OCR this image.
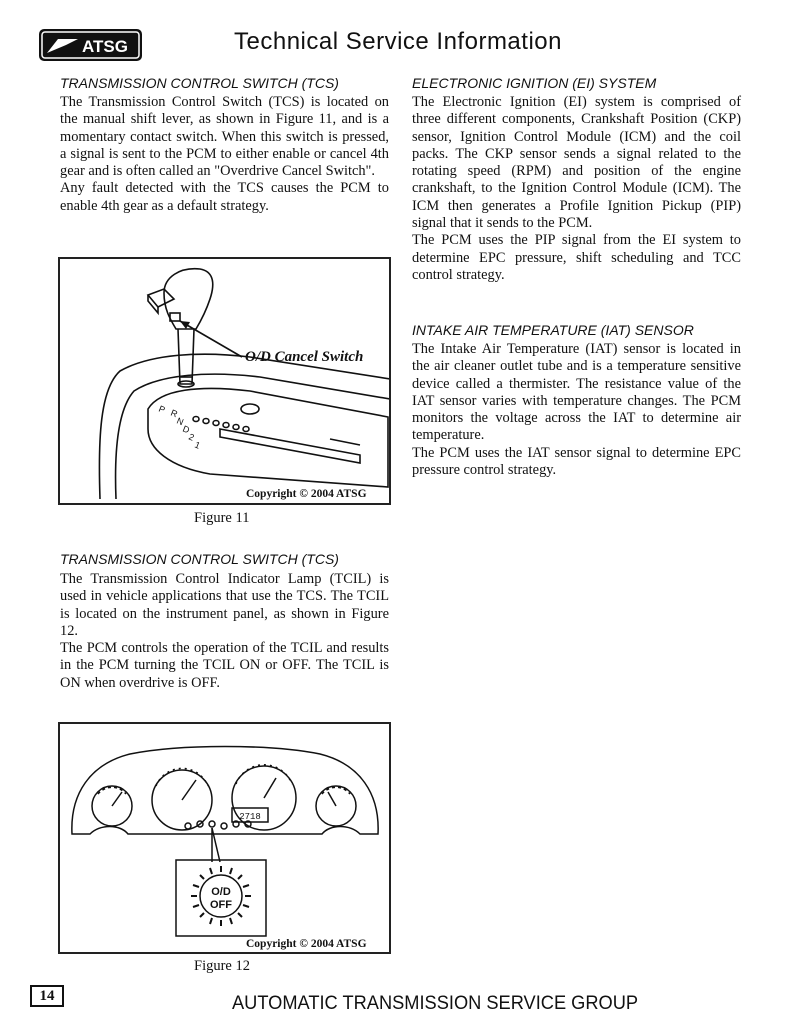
ATSG	Technical Service Information
TRANSMISSION CONTROL SWITCH (TCS)

The Transmission Control Switch (TCS) is located on the manual shift lever, as shown in Figure 11, and is a momentary contact switch. When this switch is pressed, a signal is sent to the PCM to either enable or cancel 4th gear and is often called an "Overdrive Cancel Switch".

Any fault detected with the TCS causes the PCM to enable 4th gear as a default strategy.

P R
N
D
2
1
O/D Cancel Switch
Copyright © 2004 ATSG
Figure 11
TRANSMISSION CONTROL SWITCH (TCS)

The Transmission Control Indicator Lamp (TCIL) is used in vehicle applications that use the TCS. The TCIL is located on the instrument panel, as shown in Figure 12.

The PCM controls the operation of the TCIL and results in the PCM turning the TCIL ON or OFF. The TCIL is ON when overdrive is OFF.

2718
O/D
OFF
Copyright © 2004 ATSG
Figure 12
ELECTRONIC IGNITION (EI) SYSTEM

The Electronic Ignition (EI) system is comprised of three different components, Crankshaft Position (CKP) sensor, Ignition Control Module (ICM) and the coil packs. The CKP sensor sends a signal related to the rotating speed (RPM) and position of the engine crankshaft, to the Ignition Control Module (ICM). The ICM then generates a Profile Ignition Pickup (PIP) signal that it sends to the PCM.

The PCM uses the PIP signal from the EI system to determine EPC pressure, shift scheduling and TCC control strategy.

INTAKE AIR TEMPERATURE (IAT) SENSOR

The Intake Air Temperature (IAT) sensor is located in the air cleaner outlet tube and is a temperature sensitive device called a thermister. The resistance value of the IAT sensor varies with temperature changes. The PCM monitors the voltage across the IAT to determine air temperature.

The PCM uses the IAT sensor signal to determine EPC pressure control strategy.

14	AUTOMATIC TRANSMISSION SERVICE GROUP
